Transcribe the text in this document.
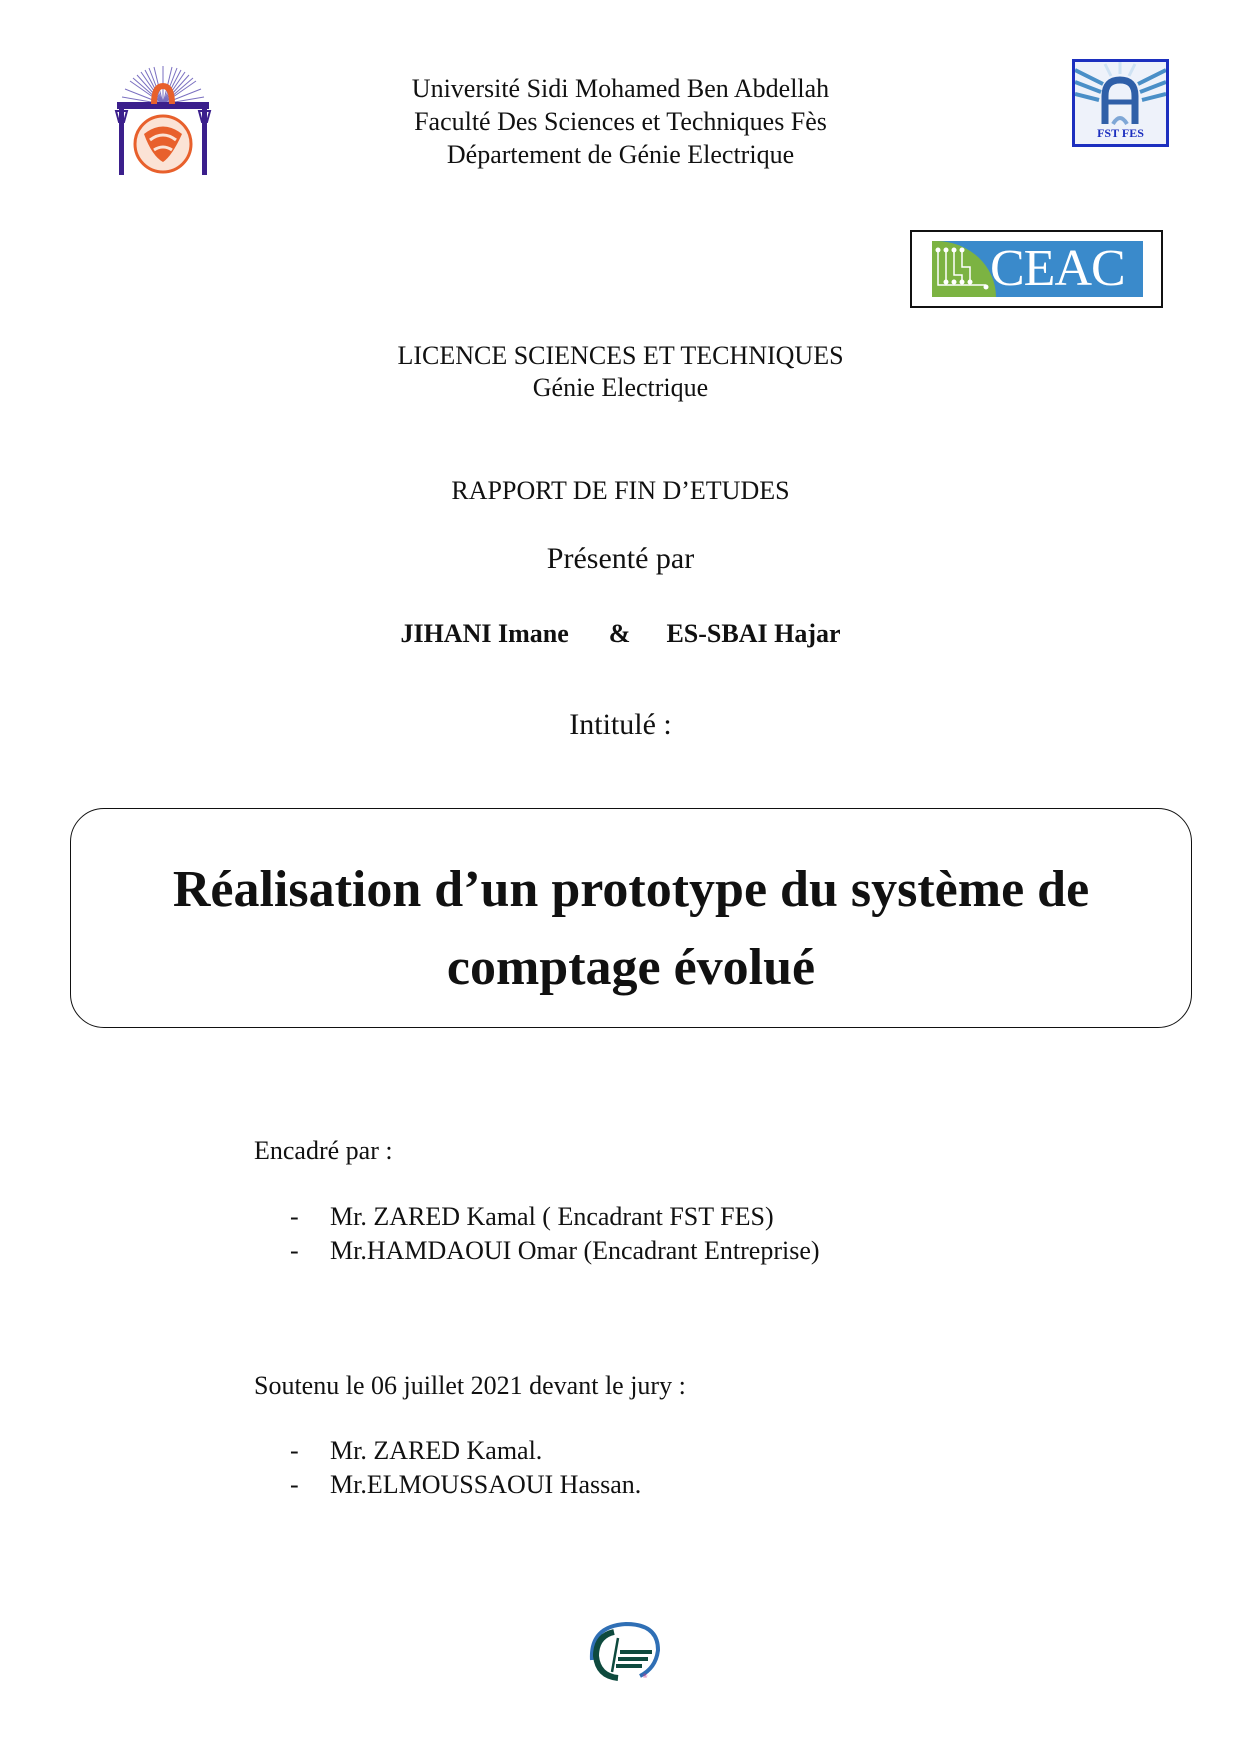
Université Sidi Mohamed Ben Abdellah
Faculté Des Sciences et Techniques Fès
Département de Génie Electrique
FST FES
CEAC
LICENCE SCIENCES ET TECHNIQUES
Génie Electrique
RAPPORT DE FIN D’ETUDES
Présenté par
JIHANI Imane & ES-SBAI Hajar
Intitulé :
Réalisation d’un prototype du système de
comptage évolué
Encadré par :
- Mr. ZARED Kamal ( Encadrant FST FES)
- Mr.HAMDAOUI Omar (Encadrant Entreprise)
Soutenu le 06 juillet 2021 devant le jury :
- Mr. ZARED Kamal.
- Mr.ELMOUSSAOUI Hassan.
®
